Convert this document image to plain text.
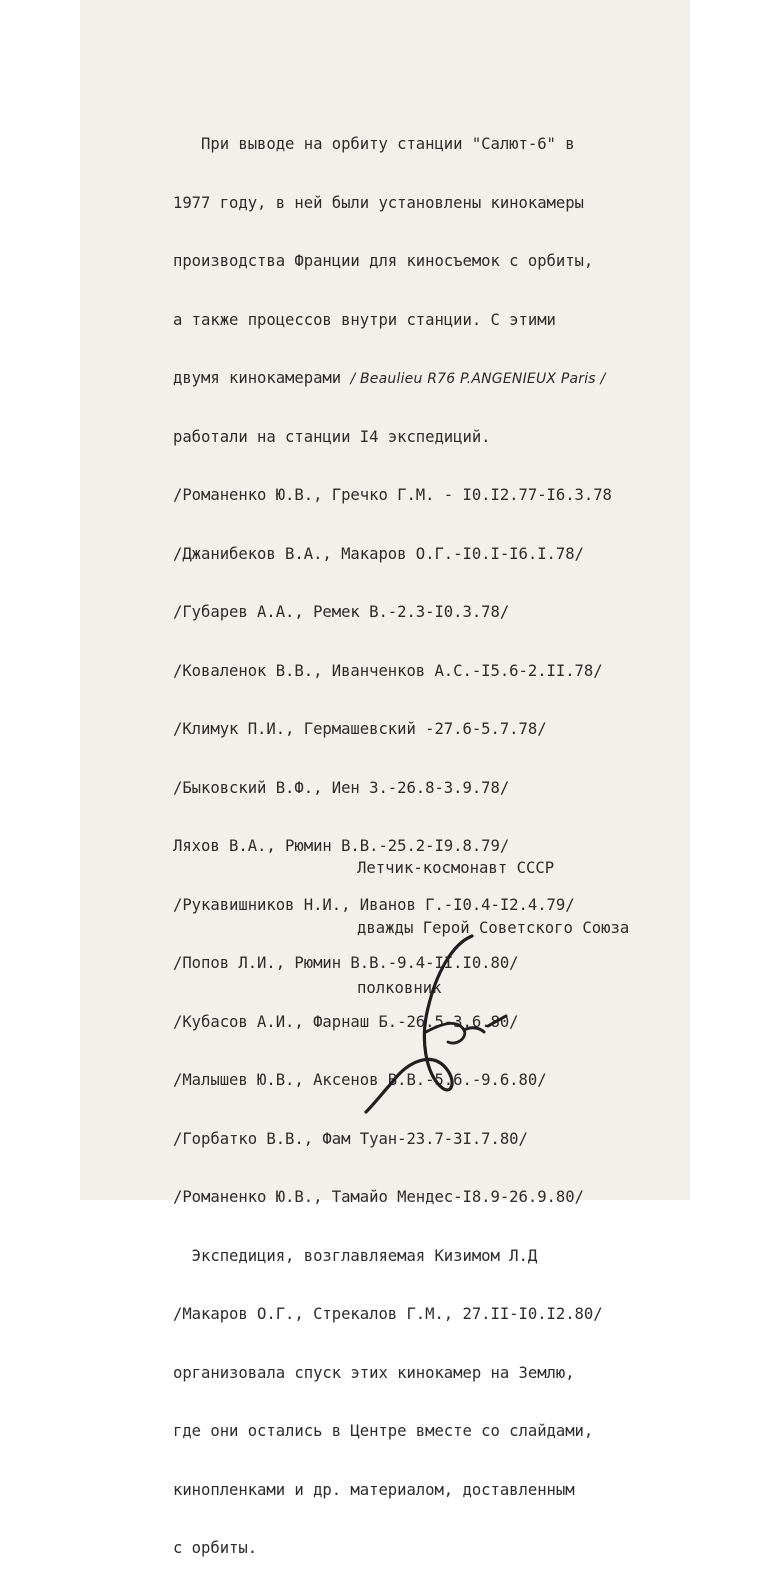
При выводе на орбиту станции "Салют-6" в

1977 году, в ней были установлены кинокамеры

производства Франции для киносъемок с орбиты,

а также процессов внутри станции. С этими

двумя кинокамерами / Beaulieu R76 P.ANGENIEUX Paris /

работали на станции I4 экспедиций.

/Романенко Ю.В., Гречко Г.М. - I0.I2.77-I6.3.78

/Джанибеков В.А., Макаров О.Г.-I0.I-I6.I.78/

/Губарев А.А., Ремек В.-2.3-I0.3.78/

/Коваленок В.В., Иванченков А.С.-I5.6-2.II.78/

/Климук П.И., Гермашевский -27.6-5.7.78/

/Быковский В.Ф., Иен З.-26.8-3.9.78/

Ляхов В.А., Рюмин В.В.-25.2-I9.8.79/

/Рукавишников Н.И., Иванов Г.-I0.4-I2.4.79/

/Попов Л.И., Рюмин В.В.-9.4-II.I0.80/

/Кубасов А.И., Фарнаш Б.-26.5-3.6.80/

/Малышев Ю.В., Аксенов В.В.-5.6.-9.6.80/

/Горбатко В.В., Фам Туан-23.7-3I.7.80/

/Романенко Ю.В., Тамайо Мендес-I8.9-26.9.80/

Экспедиция, возглавляемая Кизимом Л.Д

/Макаров О.Г., Стрекалов Г.М., 27.II-I0.I2.80/

организовала спуск этих кинокамер на Землю,

где они остались в Центре вместе со слайдами,

кинопленками и др. материалом, доставленным

с орбиты.

Летчик-космонавт СССР

дважды Герой Советского Союза

полковник
